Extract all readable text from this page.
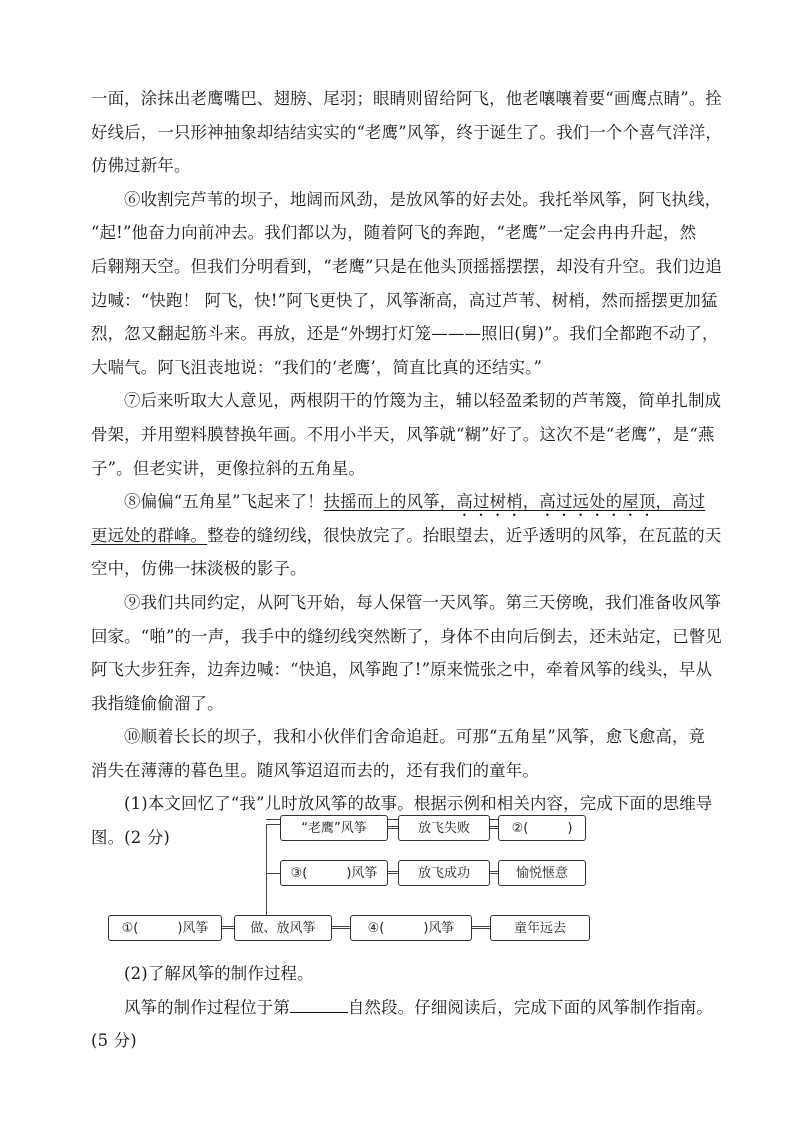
一面，涂抹出老鹰嘴巴、翅膀、尾羽；眼睛则留给阿飞，他老嚷嚷着要“画鹰点睛”。拴
好线后，一只形神抽象却结结实实的“老鹰”风筝，终于诞生了。我们一个个喜气洋洋，
仿佛过新年。
⑥收割完芦苇的坝子，地阔而风劲，是放风筝的好去处。我托举风筝，阿飞执线，
“起!”他奋力向前冲去。我们都以为，随着阿飞的奔跑，“老鹰”一定会冉冉升起，然
后翱翔天空。但我们分明看到，“老鹰”只是在他头顶摇摇摆摆，却没有升空。我们边追
边喊：“快跑！ 阿飞，快!”阿飞更快了，风筝渐高，高过芦苇、树梢，然而摇摆更加猛
烈，忽又翻起筋斗来。再放，还是“外甥打灯笼———照旧(舅)”。我们全都跑不动了，
大喘气。阿飞沮丧地说：“我们的‘老鹰’，简直比真的还结实。”
⑦后来听取大人意见，两根阴干的竹篾为主，辅以轻盈柔韧的芦苇篾，简单扎制成
骨架，并用塑料膜替换年画。不用小半天，风筝就“糊”好了。这次不是“老鹰”，是“燕
子”。但老实讲，更像拉斜的五角星。
⑧偏偏“五角星”飞起来了！扶摇而上的风筝，高过树梢，高过远处的屋顶，高过
更远处的群峰。整卷的缝纫线，很快放完了。抬眼望去，近乎透明的风筝，在瓦蓝的天
空中，仿佛一抹淡极的影子。
⑨我们共同约定，从阿飞开始，每人保管一天风筝。第三天傍晚，我们准备收风筝
回家。“啪”的一声，我手中的缝纫线突然断了，身体不由向后倒去，还未站定，已瞥见
阿飞大步狂奔，边奔边喊：“快追，风筝跑了!”原来慌张之中，牵着风筝的线头，早从
我指缝偷偷溜了。
⑩顺着长长的坝子，我和小伙伴们舍命追赶。可那“五角星”风筝，愈飞愈高，竟
消失在薄薄的暮色里。随风筝迢迢而去的，还有我们的童年。
(1)本文回忆了“我”儿时放风筝的故事。根据示例和相关内容，完成下面的思维导
图。(2 分)	“老鹰”风筝	放飞失败	②(　　　)
③(　　　)风筝	放飞成功	愉悦惬意
①(　　　)风筝	做、放风筝	④(　　　)风筝	童年远去
(2)了解风筝的制作过程。
风筝的制作过程位于第	自然段。仔细阅读后，完成下面的风筝制作指南。
(5 分)
